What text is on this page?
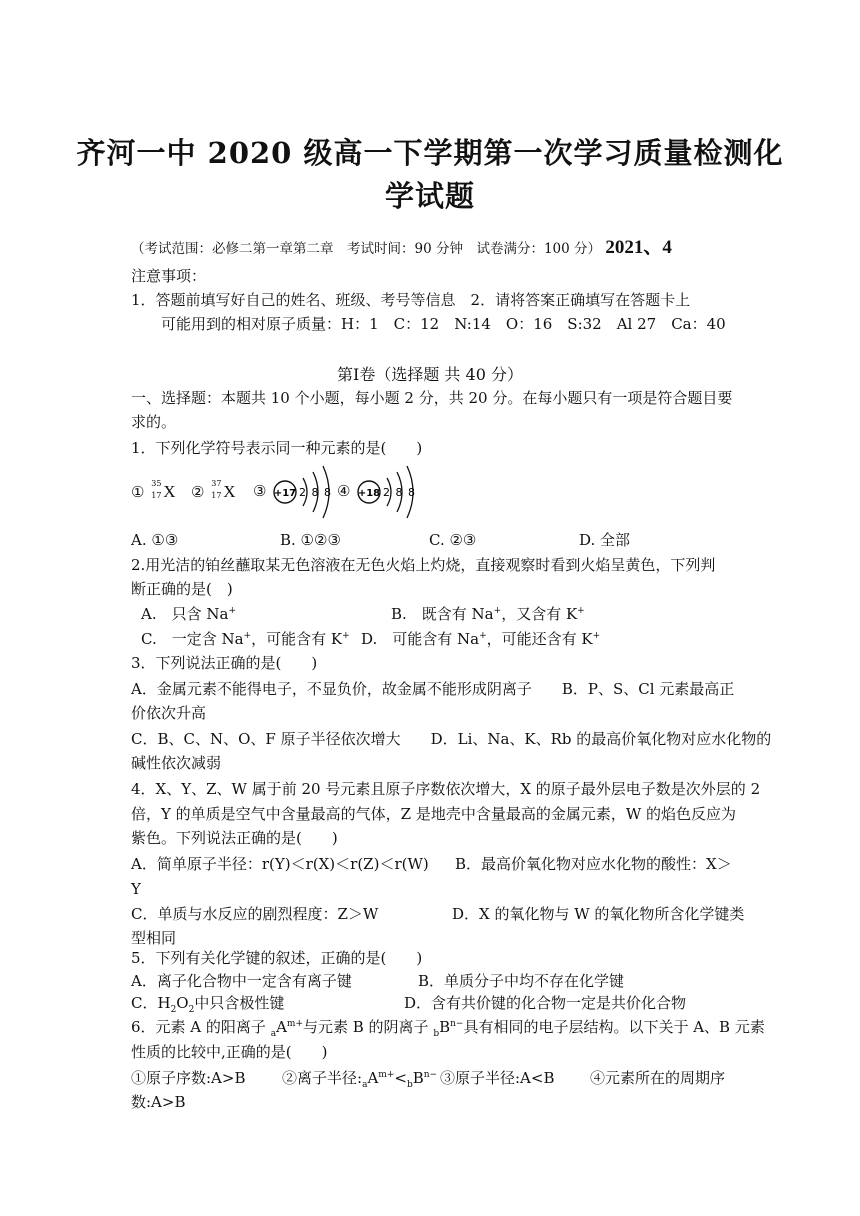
齐河一中 2020 级高一下学期第一次学习质量检测化
学试题
（考试范围：必修二第一章第二章　考试时间：90 分钟　试卷满分：100 分） 2021、4
注意事项：
1．答题前填写好自己的姓名、班级、考号等信息　2．请将答案正确填写在答题卡上
可能用到的相对原子质量：H：1　C：12　N:14　O：16　S:32　Al 27　Ca：40
第Ⅰ卷（选择题 共 40 分）
一、选择题：本题共 10 个小题，每小题 2 分，共 20 分。在每小题只有一项是符合题目要
求的。
1．下列化学符号表示同一种元素的是(　　)
① 35
17 X ② 37
17 X ③ +17 2 8 8 ④ +18 2 8 8
A. ①③	B. ①②③	C. ②③	D. 全部
2.用光洁的铂丝蘸取某无色溶液在无色火焰上灼烧，直接观察时看到火焰呈黄色，下列判
断正确的是(　)
A.　只含 Na+	B.　既含有 Na+，又含有 K+
C.　一定含 Na+，可能含有 K+ D.　可能含有 Na+，可能还含有 K+
3．下列说法正确的是(　　)
A．金属元素不能得电子，不显负价，故金属不能形成阴离子　　B．P、S、Cl 元素最高正
价依次升高
C．B、C、N、O、F 原子半径依次增大　　D．Li、Na、K、Rb 的最高价氧化物对应水化物的
碱性依次减弱
4．X、Y、Z、W 属于前 20 号元素且原子序数依次增大，X 的原子最外层电子数是次外层的 2
倍，Y 的单质是空气中含量最高的气体，Z 是地壳中含量最高的金属元素，W 的焰色反应为
紫色。下列说法正确的是(　　)
A．简单原子半径：r(Y)＜r(X)＜r(Z)＜r(W) B．最高价氧化物对应水化物的酸性：X＞
Y
C．单质与水反应的剧烈程度：Z＞W	D．X 的氧化物与 W 的氧化物所含化学键类
型相同
5．下列有关化学键的叙述，正确的是(　　)
A．离子化合物中一定含有离子键	B．单质分子中均不存在化学键
C．$H_2O_2$中只含极性键	D．含有共价键的化合物一定是共价化合物
6．元素 A 的阳离子 $_aA^{m+}$与元素 B 的阴离子 $_bB^{n-}$具有相同的电子层结构。以下关于 A、B 元素
性质的比较中,正确的是(　　)
①原子序数:A>B ②离子半径$:_aA^{m+}<_bB^{n-}$ ③原子半径:A<B ④元素所在的周期序
数:A>B
